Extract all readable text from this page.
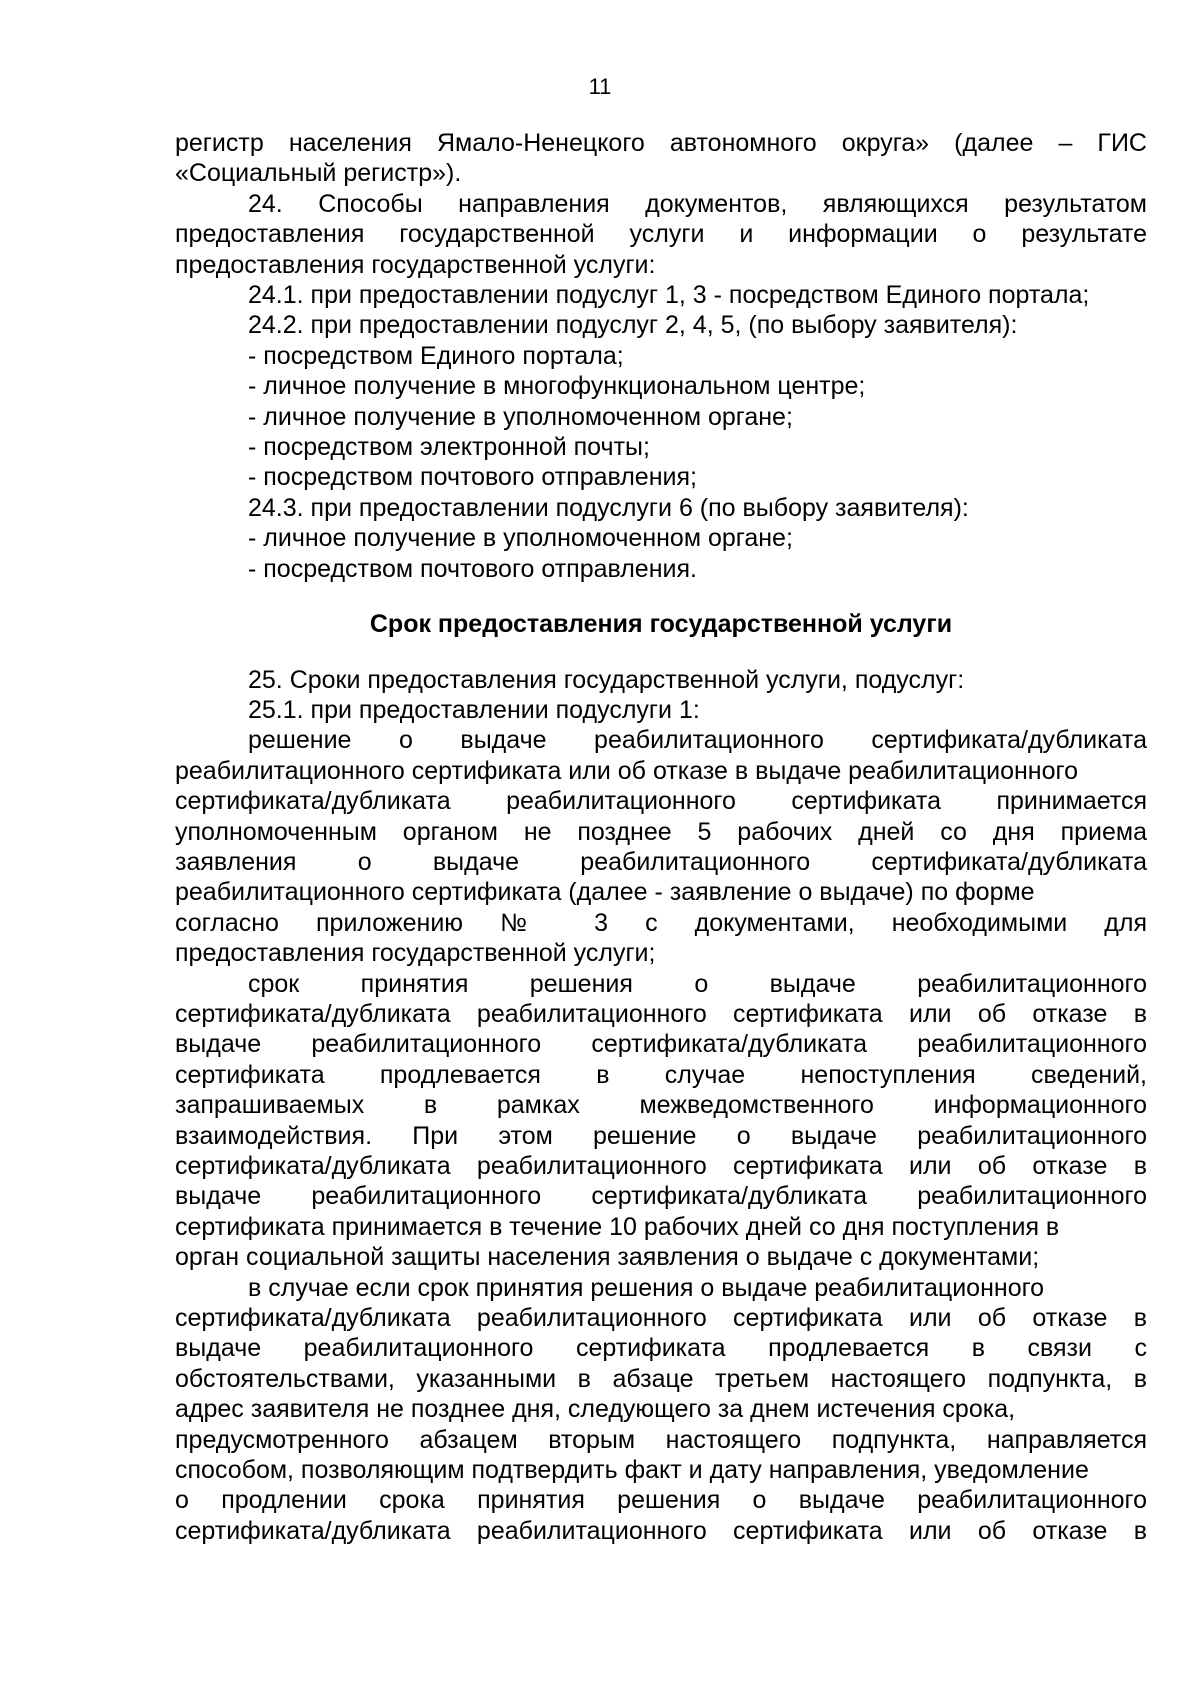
11

регистр населения Ямало-Ненецкого автономного округа» (далее – ГИС

«Социальный регистр»).

24. Способы направления документов, являющихся результатом

предоставления государственной услуги и информации о результате

предоставления государственной услуги:

24.1. при предоставлении подуслуг 1, 3 - посредством Единого портала;

24.2. при предоставлении подуслуг 2, 4, 5, (по выбору заявителя):

- посредством Единого портала;

- личное получение в многофункциональном центре;

- личное получение в уполномоченном органе;

- посредством электронной почты;

- посредством почтового отправления;

24.3. при предоставлении подуслуги 6 (по выбору заявителя):

- личное получение в уполномоченном органе;

- посредством почтового отправления.

Срок предоставления государственной услуги

25. Сроки предоставления государственной услуги, подуслуг:

25.1. при предоставлении подуслуги 1:

решение о выдаче реабилитационного сертификата/дубликата

реабилитационного сертификата или об отказе в выдаче реабилитационного

сертификата/дубликата реабилитационного сертификата принимается

уполномоченным органом не позднее 5 рабочих дней со дня приема

заявления о выдаче реабилитационного сертификата/дубликата

реабилитационного сертификата (далее - заявление о выдаче) по форме

согласно приложению № 3 с документами, необходимыми для

предоставления государственной услуги;

срок принятия решения о выдаче реабилитационного

сертификата/дубликата реабилитационного сертификата или об отказе в

выдаче реабилитационного сертификата/дубликата реабилитационного

сертификата продлевается в случае непоступления сведений,

запрашиваемых в рамках межведомственного информационного

взаимодействия. При этом решение о выдаче реабилитационного

сертификата/дубликата реабилитационного сертификата или об отказе в

выдаче реабилитационного сертификата/дубликата реабилитационного

сертификата принимается в течение 10 рабочих дней со дня поступления в

орган социальной защиты населения заявления о выдаче с документами;

в случае если срок принятия решения о выдаче реабилитационного

сертификата/дубликата реабилитационного сертификата или об отказе в

выдаче реабилитационного сертификата продлевается в связи с

обстоятельствами, указанными в абзаце третьем настоящего подпункта, в

адрес заявителя не позднее дня, следующего за днем истечения срока,

предусмотренного абзацем вторым настоящего подпункта, направляется

способом, позволяющим подтвердить факт и дату направления, уведомление

о продлении срока принятия решения о выдаче реабилитационного

сертификата/дубликата реабилитационного сертификата или об отказе в
